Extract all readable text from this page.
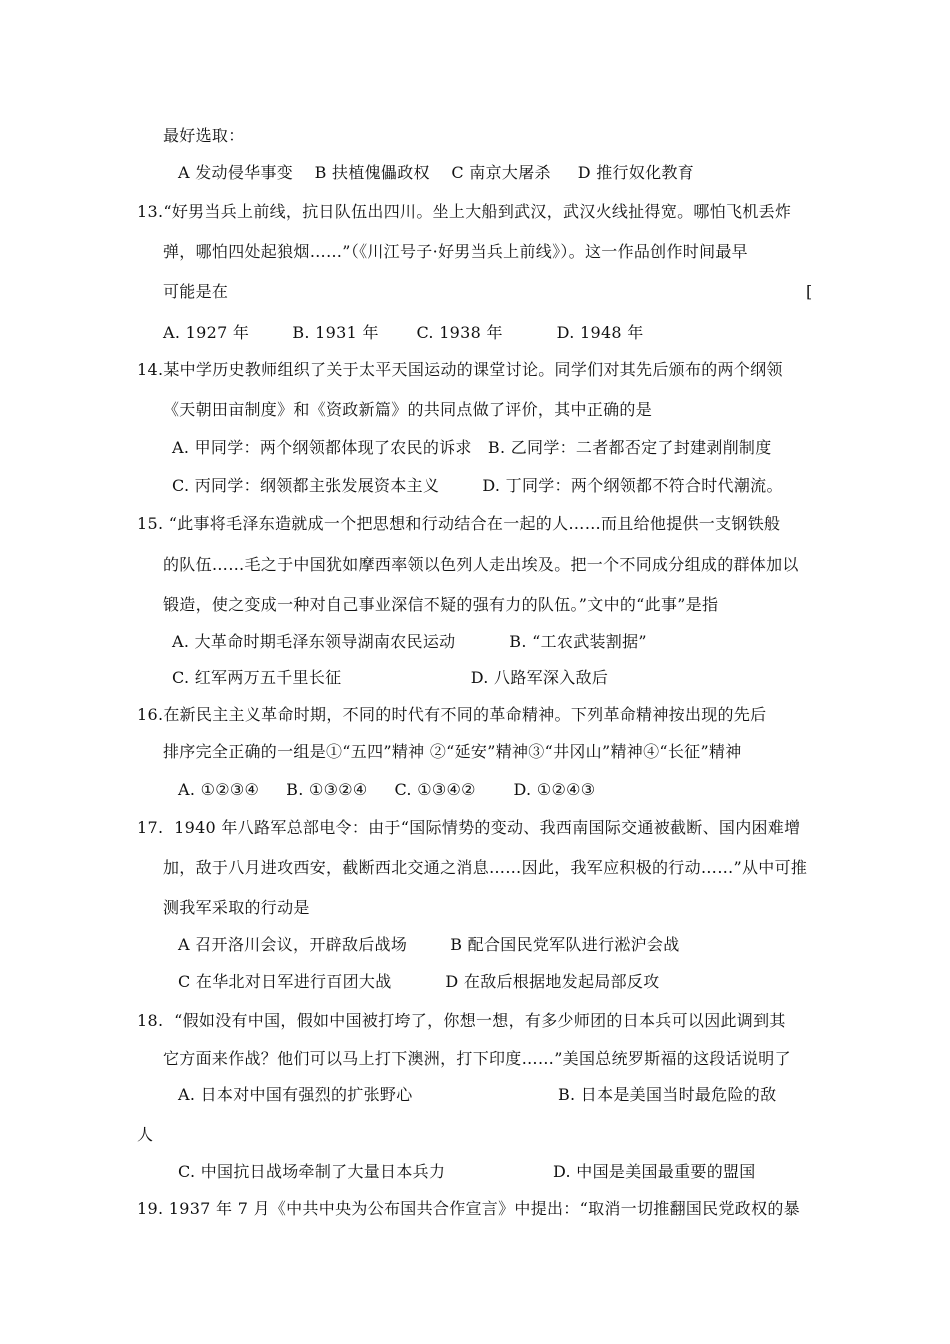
最好选取：
A 发动侵华事变    B 扶植傀儡政权    C 南京大屠杀     D 推行奴化教育
13.“好男当兵上前线，抗日队伍出四川。坐上大船到武汉，武汉火线扯得宽。哪怕飞机丢炸
弹，哪怕四处起狼烟……”（《川江号子·好男当兵上前线》）。这一作品创作时间最早
可能是在	[
A. 1927 年        B. 1931 年       C. 1938 年          D. 1948 年
14.某中学历史教师组织了关于太平天国运动的课堂讨论。同学们对其先后颁布的两个纲领
《天朝田亩制度》和《资政新篇》的共同点做了评价，其中正确的是
A. 甲同学：两个纲领都体现了农民的诉求   B. 乙同学：二者都否定了封建剥削制度
C. 丙同学：纲领都主张发展资本主义        D. 丁同学：两个纲领都不符合时代潮流。
15. “此事将毛泽东造就成一个把思想和行动结合在一起的人……而且给他提供一支钢铁般
的队伍……毛之于中国犹如摩西率领以色列人走出埃及。把一个不同成分组成的群体加以
锻造，使之变成一种对自己事业深信不疑的强有力的队伍。”文中的“此事”是指
A. 大革命时期毛泽东领导湖南农民运动          B. “工农武装割据”
C. 红军两万五千里长征                        D. 八路军深入敌后
16.在新民主主义革命时期，不同的时代有不同的革命精神。下列革命精神按出现的先后
排序完全正确的一组是①“五四”精神 ②“延安”精神③“井冈山”精神④“长征”精神
A. ①②③④     B. ①③②④     C. ①③④②       D. ①②④③
17.  1940 年八路军总部电令：由于“国际情势的变动、我西南国际交通被截断、国内困难增
加，敌于八月进攻西安，截断西北交通之消息……因此，我军应积极的行动……”从中可推
测我军采取的行动是
A 召开洛川会议，开辟敌后战场        B 配合国民党军队进行淞沪会战
C 在华北对日军进行百团大战          D 在敌后根据地发起局部反攻
18.  “假如没有中国，假如中国被打垮了，你想一想，有多少师团的日本兵可以因此调到其
它方面来作战？他们可以马上打下澳洲，打下印度……”美国总统罗斯福的这段话说明了
A. 日本对中国有强烈的扩张野心                           B. 日本是美国当时最危险的敌
人
C. 中国抗日战场牵制了大量日本兵力                    D. 中国是美国最重要的盟国
19. 1937 年 7 月《中共中央为公布国共合作宣言》中提出：“取消一切推翻国民党政权的暴
